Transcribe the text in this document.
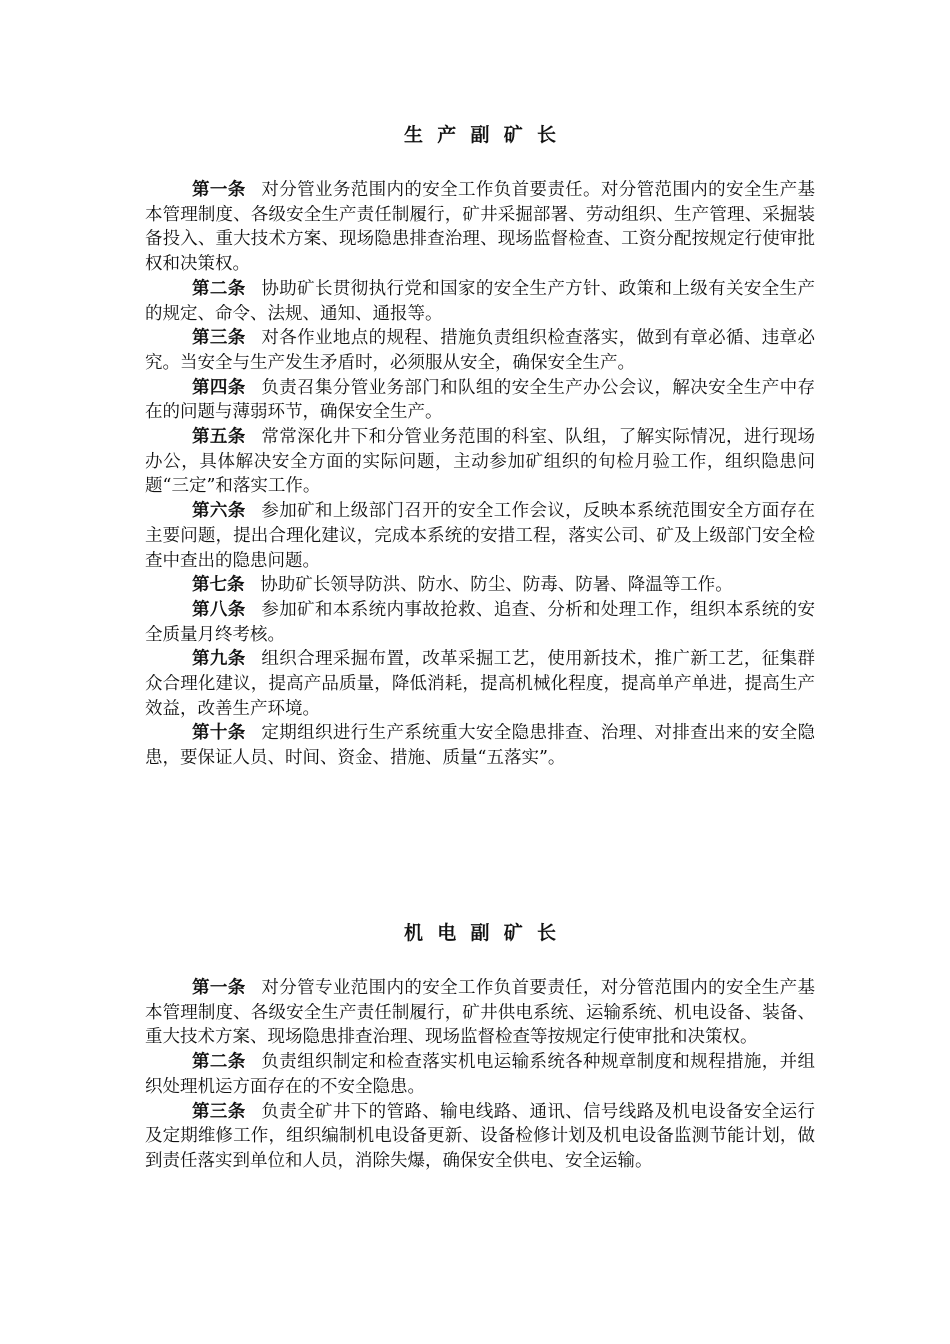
生产副矿长

第一条 对分管业务范围内的安全工作负首要责任。对分管范围内的安全生产基本管理制度、各级安全生产责任制履行，矿井采掘部署、劳动组织、生产管理、采掘装备投入、重大技术方案、现场隐患排查治理、现场监督检查、工资分配按规定行使审批权和决策权。

第二条 协助矿长贯彻执行党和国家的安全生产方针、政策和上级有关安全生产的规定、命令、法规、通知、通报等。

第三条 对各作业地点的规程、措施负责组织检查落实，做到有章必循、违章必究。当安全与生产发生矛盾时，必须服从安全，确保安全生产。

第四条 负责召集分管业务部门和队组的安全生产办公会议，解决安全生产中存在的问题与薄弱环节，确保安全生产。

第五条 常常深化井下和分管业务范围的科室、队组，了解实际情况，进行现场办公，具体解决安全方面的实际问题，主动参加矿组织的旬检月验工作，组织隐患问题“三定”和落实工作。

第六条 参加矿和上级部门召开的安全工作会议，反映本系统范围安全方面存在主要问题，提出合理化建议，完成本系统的安措工程，落实公司、矿及上级部门安全检查中查出的隐患问题。

第七条 协助矿长领导防洪、防水、防尘、防毒、防暑、降温等工作。

第八条 参加矿和本系统内事故抢救、追查、分析和处理工作，组织本系统的安全质量月终考核。

第九条 组织合理采掘布置，改革采掘工艺，使用新技术，推广新工艺，征集群众合理化建议，提高产品质量，降低消耗，提高机械化程度，提高单产单进，提高生产效益，改善生产环境。

第十条 定期组织进行生产系统重大安全隐患排查、治理、对排查出来的安全隐患，要保证人员、时间、资金、措施、质量“五落实”。

机电副矿长

第一条 对分管专业范围内的安全工作负首要责任，对分管范围内的安全生产基本管理制度、各级安全生产责任制履行，矿井供电系统、运输系统、机电设备、装备、重大技术方案、现场隐患排查治理、现场监督检查等按规定行使审批和决策权。

第二条 负责组织制定和检查落实机电运输系统各种规章制度和规程措施，并组织处理机运方面存在的不安全隐患。

第三条 负责全矿井下的管路、输电线路、通讯、信号线路及机电设备安全运行及定期维修工作，组织编制机电设备更新、设备检修计划及机电设备监测节能计划，做到责任落实到单位和人员，消除失爆，确保安全供电、安全运输。
